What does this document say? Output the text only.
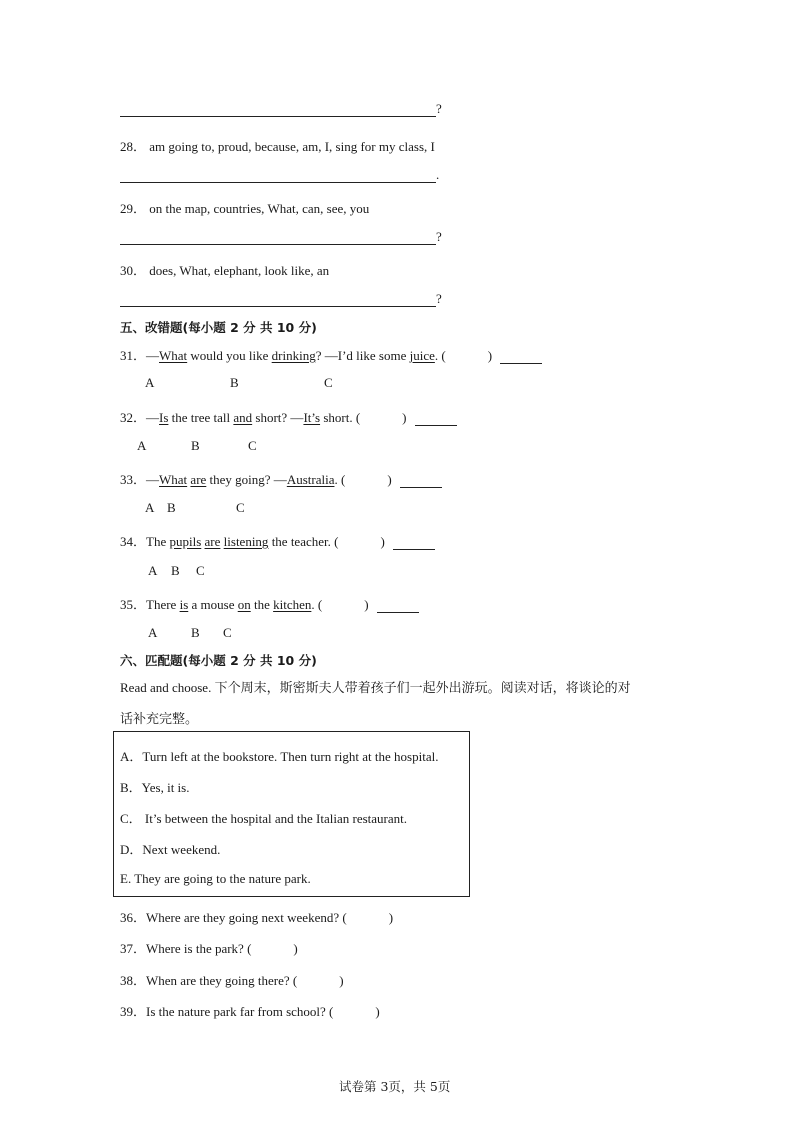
?
28． am going to, proud, because, am, I, sing for my class, I
.
29． on the map, countries, What, can, see, you
?
30． does, What, elephant, look like, an
?
五、改错题(每小题 2 分 共 10 分)
31．—What would you like drinking? —I’d like some juice. (	)
A	B	C
32．—Is the tree tall and short? —It’s short. (	)
A	B	C
33．—What are they going? —Australia. (	)
A B	C
34．The pupils are listening the teacher. (	)
A B C
35．There is a mouse on the kitchen. (	)
A	B C
六、匹配题(每小题 2 分 共 10 分)
Read and choose. 下个周末，斯密斯夫人带着孩子们一起外出游玩。阅读对话，将谈论的对
话补充完整。
A．Turn left at the bookstore. Then turn right at the hospital.
B．Yes, it is.
C． It’s between the hospital and the Italian restaurant.
D．Next weekend.
E. They are going to the nature park.
36．Where are they going next weekend? (	)
37．Where is the park? (	)
38．When are they going there? (	)
39．Is the nature park far from school? (	)
试卷第 3页，共 5页
